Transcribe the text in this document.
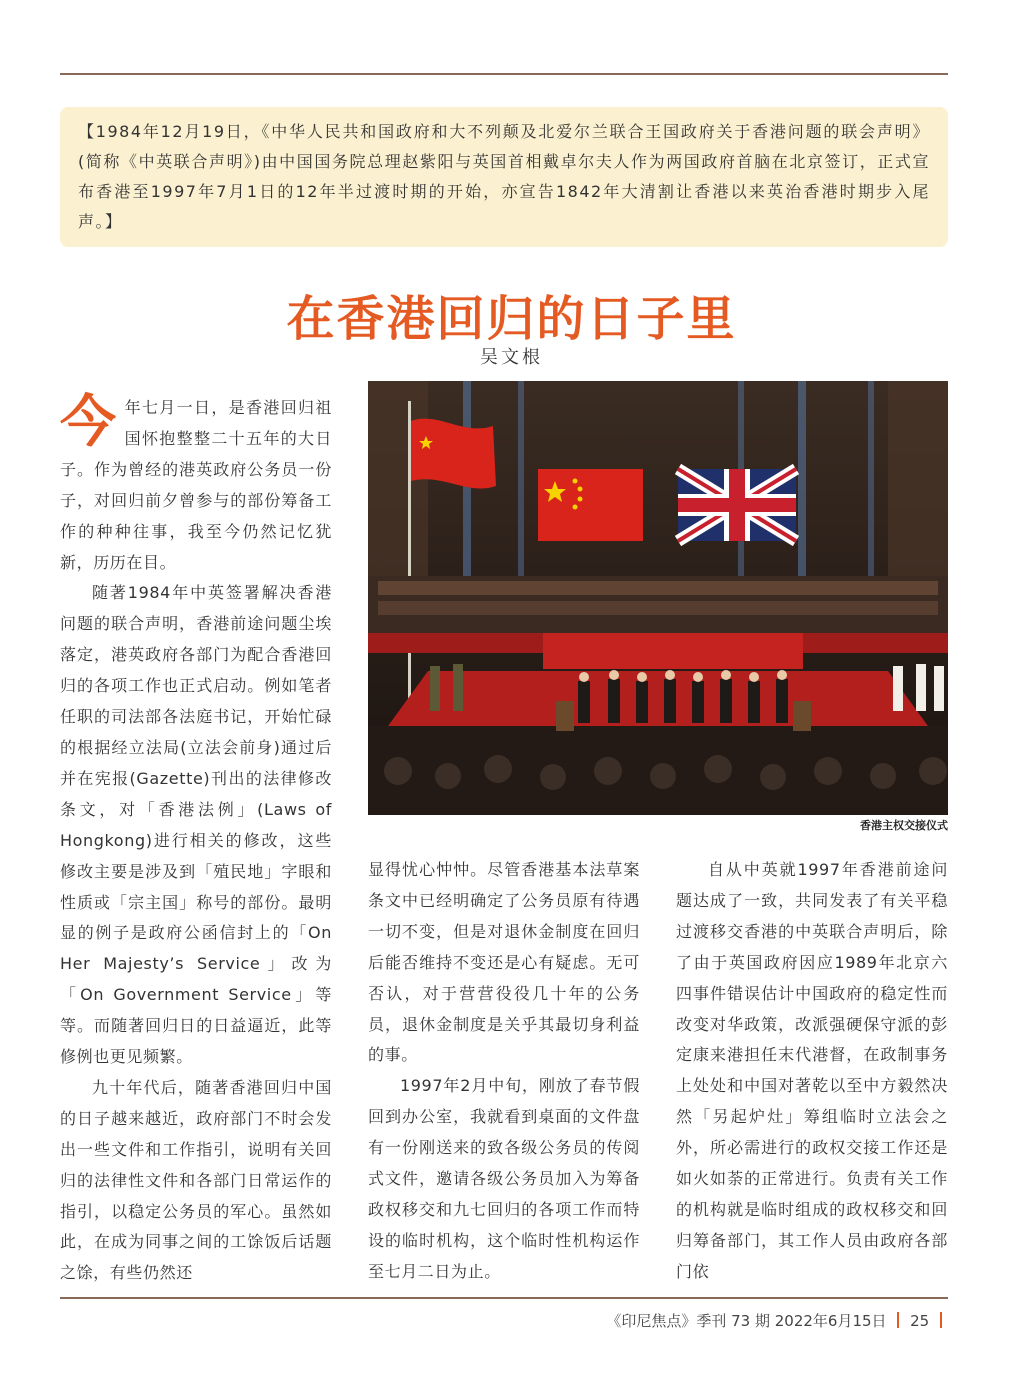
【1984年12月19日，《中华人民共和国政府和大不列颠及北爱尔兰联合王国政府关于香港问题的联会声明》(简称《中英联合声明》)由中国国务院总理赵紫阳与英国首相戴卓尔夫人作为两国政府首脑在北京签订，正式宣布香港至1997年7月1日的12年半过渡时期的开始，亦宣告1842年大清割让香港以来英治香港时期步入尾声。】

在香港回归的日子里
吴文根
今 年七月一日，是香港回归祖国怀抱整整二十五年的大日子。作为曾经的港英政府公务员一份子，对回归前夕曾参与的部份筹备工作的种种往事，我至今仍然记忆犹新，历历在目。

随著1984年中英签署解决香港问题的联合声明，香港前途问题尘埃落定，港英政府各部门为配合香港回归的各项工作也正式启动。例如笔者任职的司法部各法庭书记，开始忙碌的根据经立法局(立法会前身)通过后并在宪报(Gazette)刊出的法律修改条文，对「香港法例」(Laws of Hongkong)进行相关的修改，这些修改主要是涉及到「殖民地」字眼和性质或「宗主国」称号的部份。最明显的例子是政府公函信封上的「On Her Majesty’s Service」改为「On Government Service」等等。而随著回归日的日益逼近，此等修例也更见频繁。

九十年代后，随著香港回归中国的日子越来越近，政府部门不时会发出一些文件和工作指引，说明有关回归的法律性文件和各部门日常运作的指引，以稳定公务员的军心。虽然如此，在成为同事之间的工馀饭后话题之馀，有些仍然还

香港主权交接仪式

显得忧心忡忡。尽管香港基本法草案条文中已经明确定了公务员原有待遇一切不变，但是对退休金制度在回归后能否维持不变还是心有疑虑。无可否认，对于营营役役几十年的公务员，退休金制度是关乎其最切身利益的事。

1997年2月中旬，刚放了春节假回到办公室，我就看到桌面的文件盘有一份刚送来的致各级公务员的传阅式文件，邀请各级公务员加入为筹备政权移交和九七回归的各项工作而特设的临时机构，这个临时性机构运作至七月二日为止。

自从中英就1997年香港前途问题达成了一致，共同发表了有关平稳过渡移交香港的中英联合声明后，除了由于英国政府因应1989年北京六四事件错误估计中国政府的稳定性而改变对华政策，改派强硬保守派的彭定康来港担任末代港督，在政制事务上处处和中国对著乾以至中方毅然决然「另起炉灶」筹组临时立法会之外，所必需进行的政权交接工作还是如火如荼的正常进行。负责有关工作的机构就是临时组成的政权移交和回归筹备部门，其工作人员由政府各部门依

《印尼焦点》季刊 73 期 2022年6月15日 25
